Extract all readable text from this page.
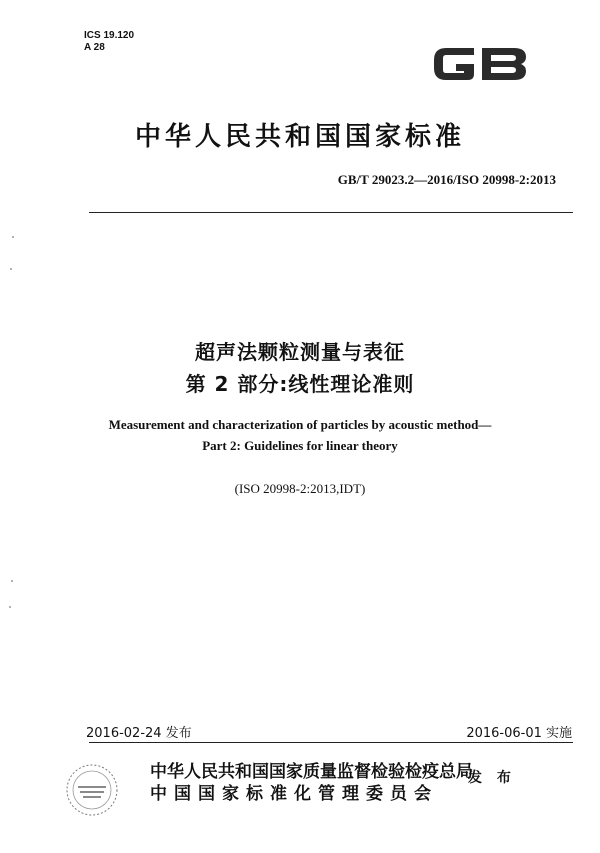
ICS 19.120
A 28
中华人民共和国国家标准
GB/T 29023.2—2016/ISO 20998-2:2013
超声法颗粒测量与表征
第 2 部分:线性理论准则
Measurement and characterization of particles by acoustic method—
Part 2: Guidelines for linear theory
(ISO 20998-2:2013,IDT)
2016-02-24 发布	2016-06-01 实施
中华人民共和国国家质量监督检验检疫总局
中国国家标准化管理委员会
发 布
